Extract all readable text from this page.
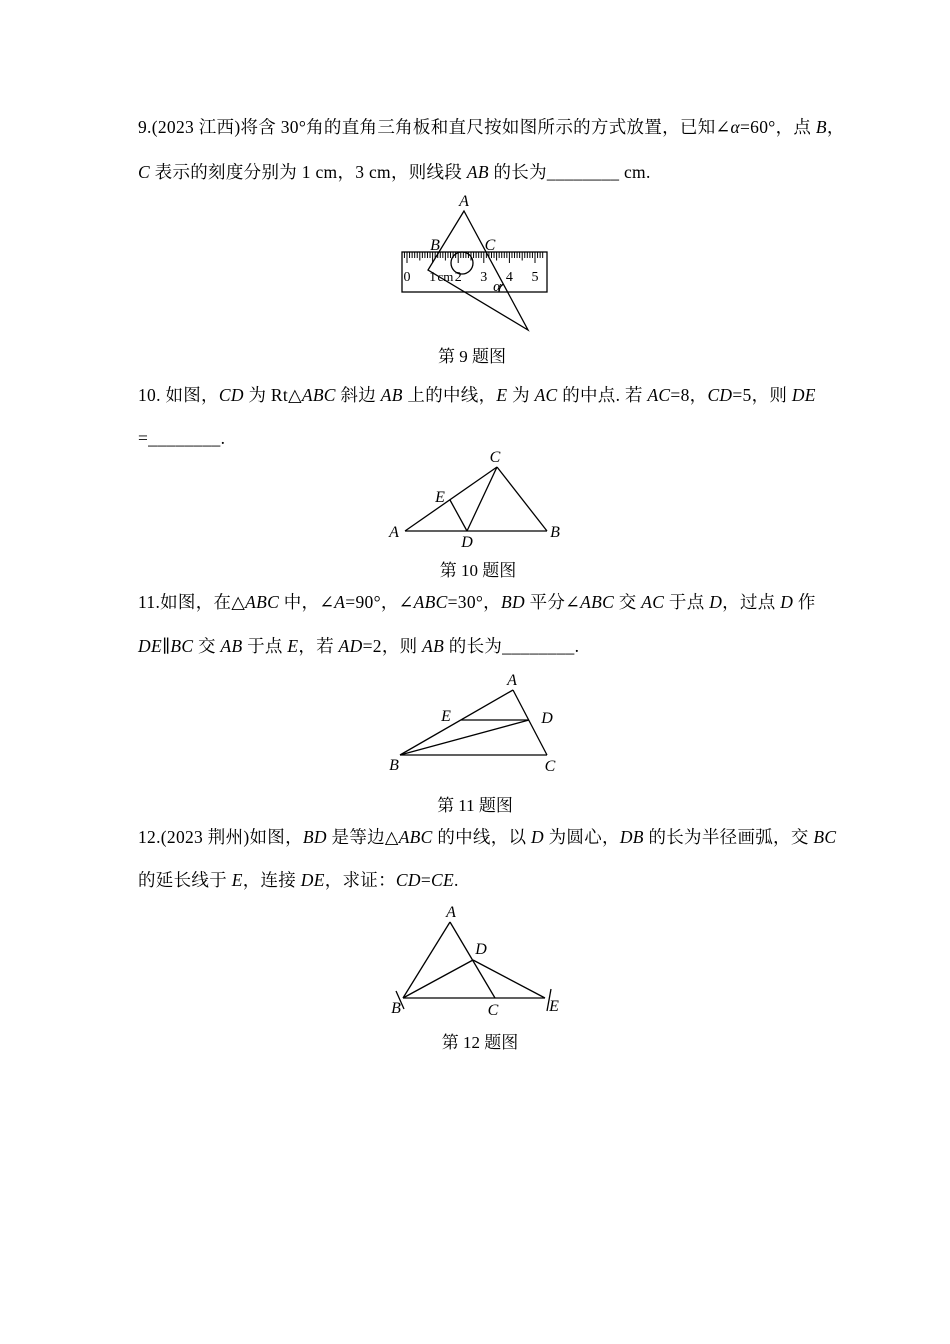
9.(2023 江西)将含 30°角的直角三角板和直尺按如图所示的方式放置，已知∠α=60°，点 B，
C 表示的刻度分别为 1 cm，3 cm，则线段 AB 的长为________ cm.
0 1 cm 2 3 4 5
A
B	C
α
第 9 题图
10. 如图，CD 为 Rt△ABC 斜边 AB 上的中线，E 为 AC 的中点. 若 AC=8，CD=5，则 DE
=________.
A	B
C
D
E
第 10 题图
11.如图，在△ABC 中，∠A=90°，∠ABC=30°，BD 平分∠ABC 交 AC 于点 D，过点 D 作
DE∥BC 交 AB 于点 E，若 AD=2，则 AB 的长为________.
A
B	C
D
E
第 11 题图
12.(2023 荆州)如图，BD 是等边△ABC 的中线，以 D 为圆心，DB 的长为半径画弧，交 BC
的延长线于 E，连接 DE，求证：CD=CE.
A
B	C
D
E
第 12 题图
